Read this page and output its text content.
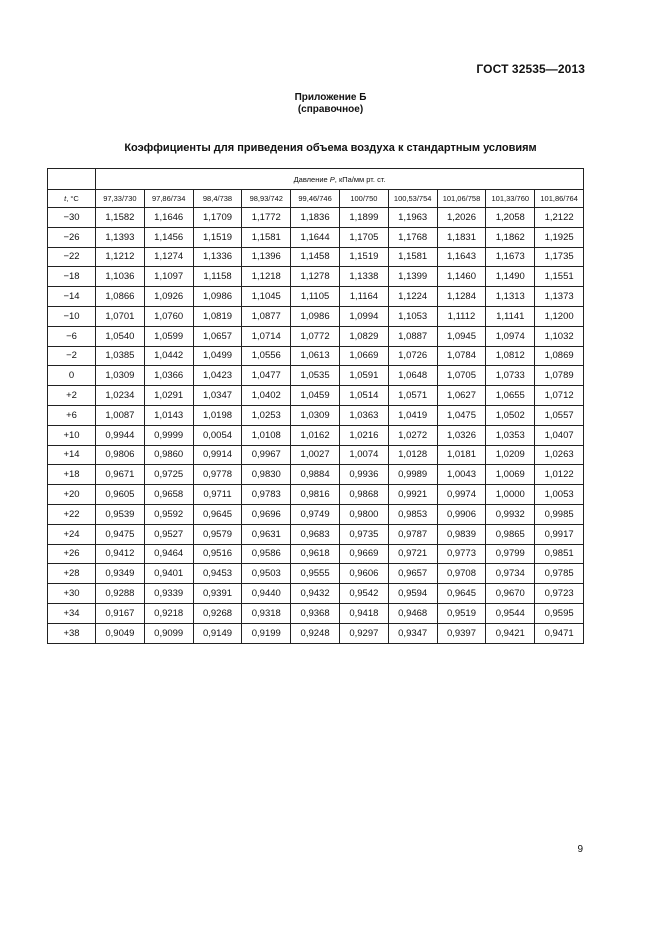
ГОСТ 32535—2013
Приложение Б
(справочное)
Коэффициенты для приведения объема воздуха к стандартным условиям
	Давление P, кПа/мм рт. ст.									
t, °C	97,33/730	97,86/734	98,4/738	98,93/742	99,46/746	100/750	100,53/754	101,06/758	101,33/760	101,86/764
−30	1,1582	1,1646	1,1709	1,1772	1,1836	1,1899	1,1963	1,2026	1,2058	1,2122
−26	1,1393	1,1456	1,1519	1,1581	1,1644	1,1705	1,1768	1,1831	1,1862	1,1925
−22	1,1212	1,1274	1,1336	1,1396	1,1458	1,1519	1,1581	1,1643	1,1673	1,1735
−18	1,1036	1,1097	1,1158	1,1218	1,1278	1,1338	1,1399	1,1460	1,1490	1,1551
−14	1,0866	1,0926	1,0986	1,1045	1,1105	1,1164	1,1224	1,1284	1,1313	1,1373
−10	1,0701	1,0760	1,0819	1,0877	1,0986	1,0994	1,1053	1,1112	1,1141	1,1200
−6	1,0540	1,0599	1,0657	1,0714	1,0772	1,0829	1,0887	1,0945	1,0974	1,1032
−2	1,0385	1,0442	1,0499	1,0556	1,0613	1,0669	1,0726	1,0784	1,0812	1,0869
0	1,0309	1,0366	1,0423	1,0477	1,0535	1,0591	1,0648	1,0705	1,0733	1,0789
+2	1,0234	1,0291	1,0347	1,0402	1,0459	1,0514	1,0571	1,0627	1,0655	1,0712
+6	1,0087	1,0143	1,0198	1,0253	1,0309	1,0363	1,0419	1,0475	1,0502	1,0557
+10	0,9944	0,9999	0,0054	1,0108	1,0162	1,0216	1,0272	1,0326	1,0353	1,0407
+14	0,9806	0,9860	0,9914	0,9967	1,0027	1,0074	1,0128	1,0181	1,0209	1,0263
+18	0,9671	0,9725	0,9778	0,9830	0,9884	0,9936	0,9989	1,0043	1,0069	1,0122
+20	0,9605	0,9658	0,9711	0,9783	0,9816	0,9868	0,9921	0,9974	1,0000	1,0053
+22	0,9539	0,9592	0,9645	0,9696	0,9749	0,9800	0,9853	0,9906	0,9932	0,9985
+24	0,9475	0,9527	0,9579	0,9631	0,9683	0,9735	0,9787	0,9839	0,9865	0,9917
+26	0,9412	0,9464	0,9516	0,9586	0,9618	0,9669	0,9721	0,9773	0,9799	0,9851
+28	0,9349	0,9401	0,9453	0,9503	0,9555	0,9606	0,9657	0,9708	0,9734	0,9785
+30	0,9288	0,9339	0,9391	0,9440	0,9432	0,9542	0,9594	0,9645	0,9670	0,9723
+34	0,9167	0,9218	0,9268	0,9318	0,9368	0,9418	0,9468	0,9519	0,9544	0,9595
+38	0,9049	0,9099	0,9149	0,9199	0,9248	0,9297	0,9347	0,9397	0,9421	0,9471
9
